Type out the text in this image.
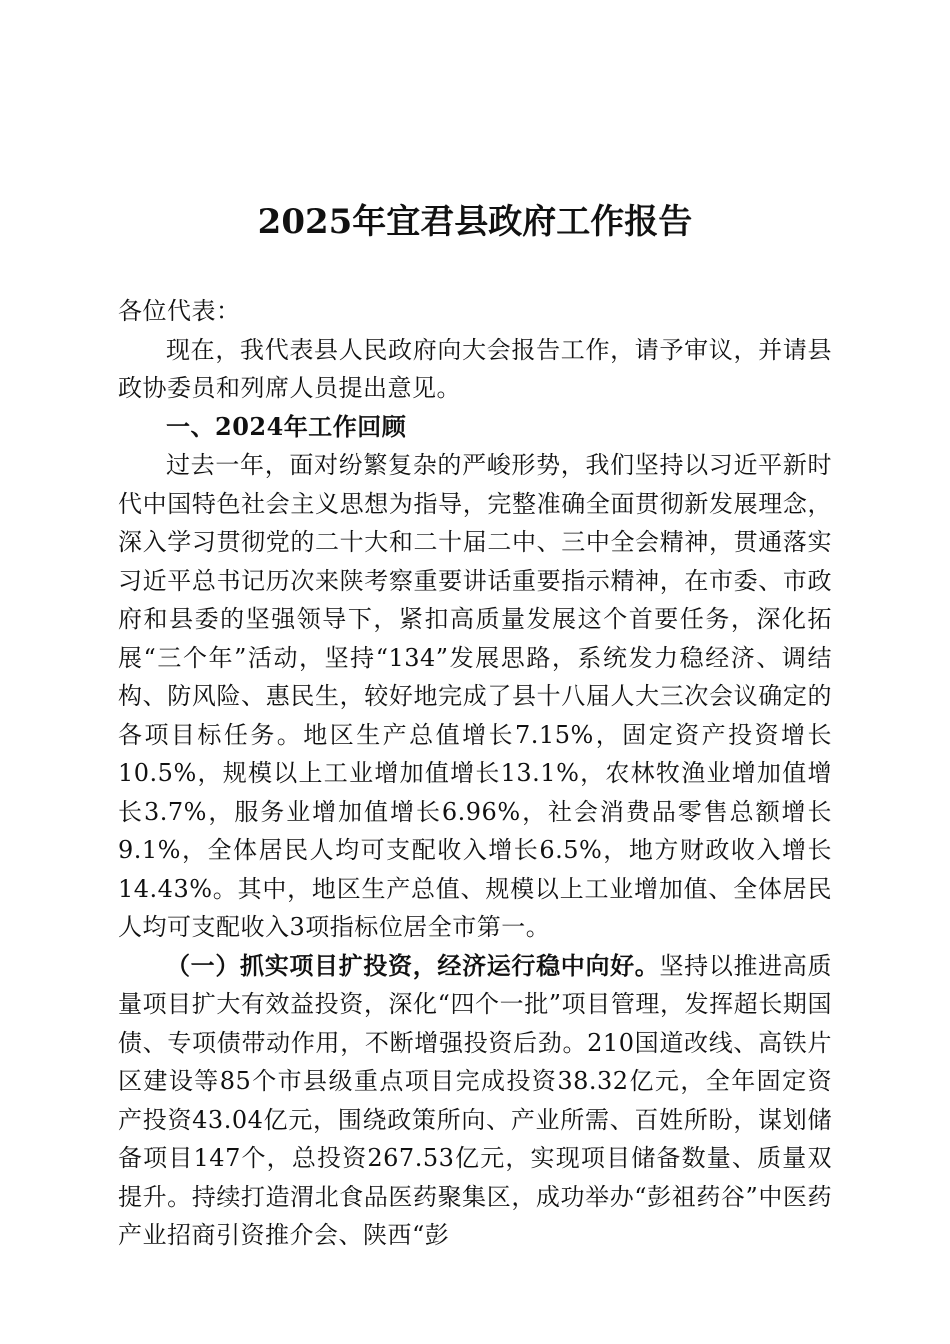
2025年宜君县政府工作报告

各位代表：

现在，我代表县人民政府向大会报告工作，请予审议，并请县政协委员和列席人员提出意见。

一、2024年工作回顾

过去一年，面对纷繁复杂的严峻形势，我们坚持以习近平新时代中国特色社会主义思想为指导，完整准确全面贯彻新发展理念，深入学习贯彻党的二十大和二十届二中、三中全会精神，贯通落实习近平总书记历次来陕考察重要讲话重要指示精神，在市委、市政府和县委的坚强领导下，紧扣高质量发展这个首要任务，深化拓展“三个年”活动，坚持“134”发展思路，系统发力稳经济、调结构、防风险、惠民生，较好地完成了县十八届人大三次会议确定的各项目标任务。地区生产总值增长7.15%，固定资产投资增长10.5%，规模以上工业增加值增长13.1%，农林牧渔业增加值增长3.7%，服务业增加值增长6.96%，社会消费品零售总额增长9.1%，全体居民人均可支配收入增长6.5%，地方财政收入增长14.43%。其中，地区生产总值、规模以上工业增加值、全体居民人均可支配收入3项指标位居全市第一。

（一）抓实项目扩投资，经济运行稳中向好。坚持以推进高质量项目扩大有效益投资，深化“四个一批”项目管理，发挥超长期国债、专项债带动作用，不断增强投资后劲。210国道改线、高铁片区建设等85个市县级重点项目完成投资38.32亿元，全年固定资产投资43.04亿元，围绕政策所向、产业所需、百姓所盼，谋划储备项目147个，总投资267.53亿元，实现项目储备数量、质量双提升。持续打造渭北食品医药聚集区，成功举办“彭祖药谷”中医药产业招商引资推介会、陕西“彭
